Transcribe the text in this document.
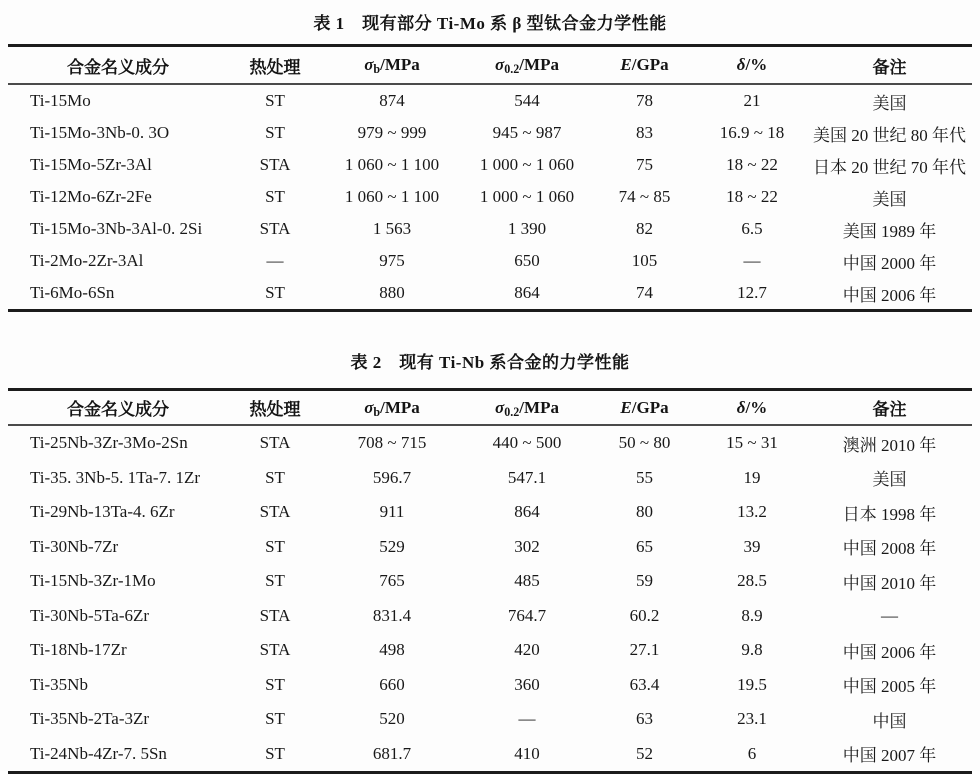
表 1　现有部分 Ti-Mo 系 β 型钛合金力学性能
合金名义成分	热处理	$\sigma_b$/MPa	$\sigma_{0.2}$/MPa	E/GPa	δ/%	备注
Ti-15Mo	ST	874	544	78	21	美国
Ti-15Mo-3Nb-0. 3O	ST	979 ~ 999	945 ~ 987	83	16.9 ~ 18	美国 20 世纪 80 年代
Ti-15Mo-5Zr-3Al	STA	1 060 ~ 1 100	1 000 ~ 1 060	75	18 ~ 22	日本 20 世纪 70 年代
Ti-12Mo-6Zr-2Fe	ST	1 060 ~ 1 100	1 000 ~ 1 060	74 ~ 85	18 ~ 22	美国
Ti-15Mo-3Nb-3Al-0. 2Si	STA	1 563	1 390	82	6.5	美国 1989 年
Ti-2Mo-2Zr-3Al	—	975	650	105	—	中国 2000 年
Ti-6Mo-6Sn	ST	880	864	74	12.7	中国 2006 年
表 2　现有 Ti-Nb 系合金的力学性能
合金名义成分	热处理	$\sigma_b$/MPa	$\sigma_{0.2}$/MPa	E/GPa	δ/%	备注
Ti-25Nb-3Zr-3Mo-2Sn	STA	708 ~ 715	440 ~ 500	50 ~ 80	15 ~ 31	澳洲 2010 年
Ti-35. 3Nb-5. 1Ta-7. 1Zr	ST	596.7	547.1	55	19	美国
Ti-29Nb-13Ta-4. 6Zr	STA	911	864	80	13.2	日本 1998 年
Ti-30Nb-7Zr	ST	529	302	65	39	中国 2008 年
Ti-15Nb-3Zr-1Mo	ST	765	485	59	28.5	中国 2010 年
Ti-30Nb-5Ta-6Zr	STA	831.4	764.7	60.2	8.9	—
Ti-18Nb-17Zr	STA	498	420	27.1	9.8	中国 2006 年
Ti-35Nb	ST	660	360	63.4	19.5	中国 2005 年
Ti-35Nb-2Ta-3Zr	ST	520	—	63	23.1	中国
Ti-24Nb-4Zr-7. 5Sn	ST	681.7	410	52	6	中国 2007 年
